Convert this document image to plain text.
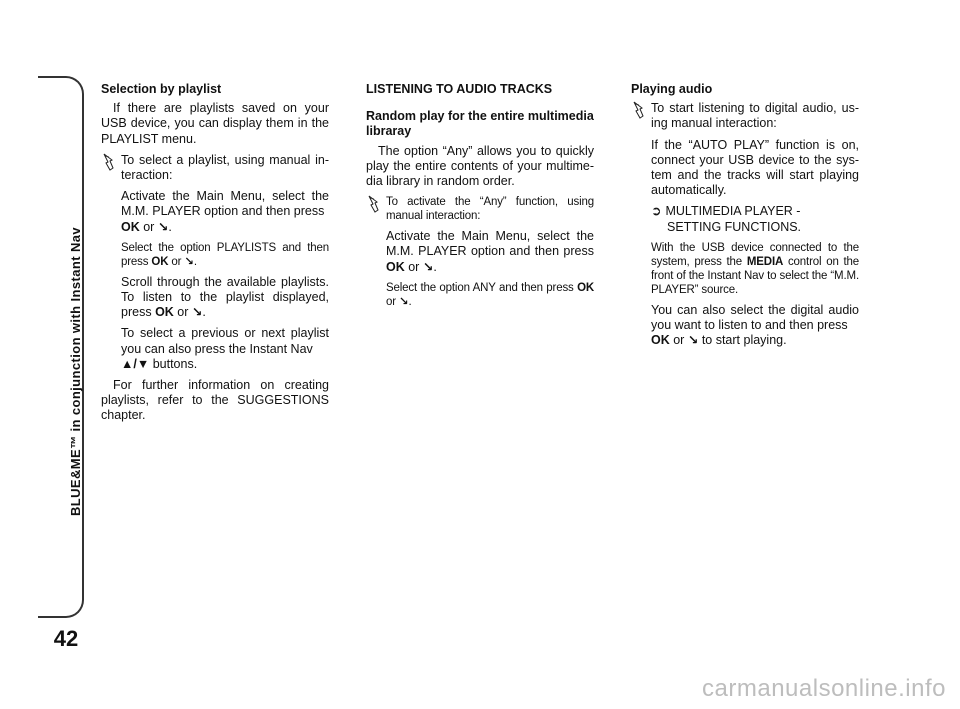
BLUE&ME™ in conjunction with Instant Nav
42
Selection by playlist
If there are playlists saved on your USB device, you can display them in the PLAYLIST menu.
To select a playlist, using manual in-teraction:
Activate the Main Menu, select the M.M. PLAYER option and then press
OK or ↘.
Select the option PLAYLISTS and then press OK or ↘.
Scroll through the available playlists. To listen to the playlist displayed, press OK or ↘.
To select a previous or next playlist you can also press the Instant Nav
▲/▼ buttons.
For further information on creating playlists, refer to the SUGGESTIONS chapter.
LISTENING TO AUDIO TRACKS
Random play for the entire multimedia libraray
The option “Any” allows you to quickly play the entire contents of your multime-dia library in random order.
To activate the “Any” function, using manual interaction:
Activate the Main Menu, select the M.M. PLAYER option and then press OK or ↘.
Select the option ANY and then press OK or ↘.
Playing audio
To start listening to digital audio, us-ing manual interaction:
If the “AUTO PLAY” function is on, connect your USB device to the sys-tem and the tracks will start playing automatically.
➲ MULTIMEDIA PLAYER -
SETTING FUNCTIONS.
With the USB device connected to the system, press the MEDIA control on the front of the Instant Nav to select the “M.M. PLAYER” source.
You can also select the digital audio you want to listen to and then press
OK or ↘ to start playing.
carmanualsonline.info
